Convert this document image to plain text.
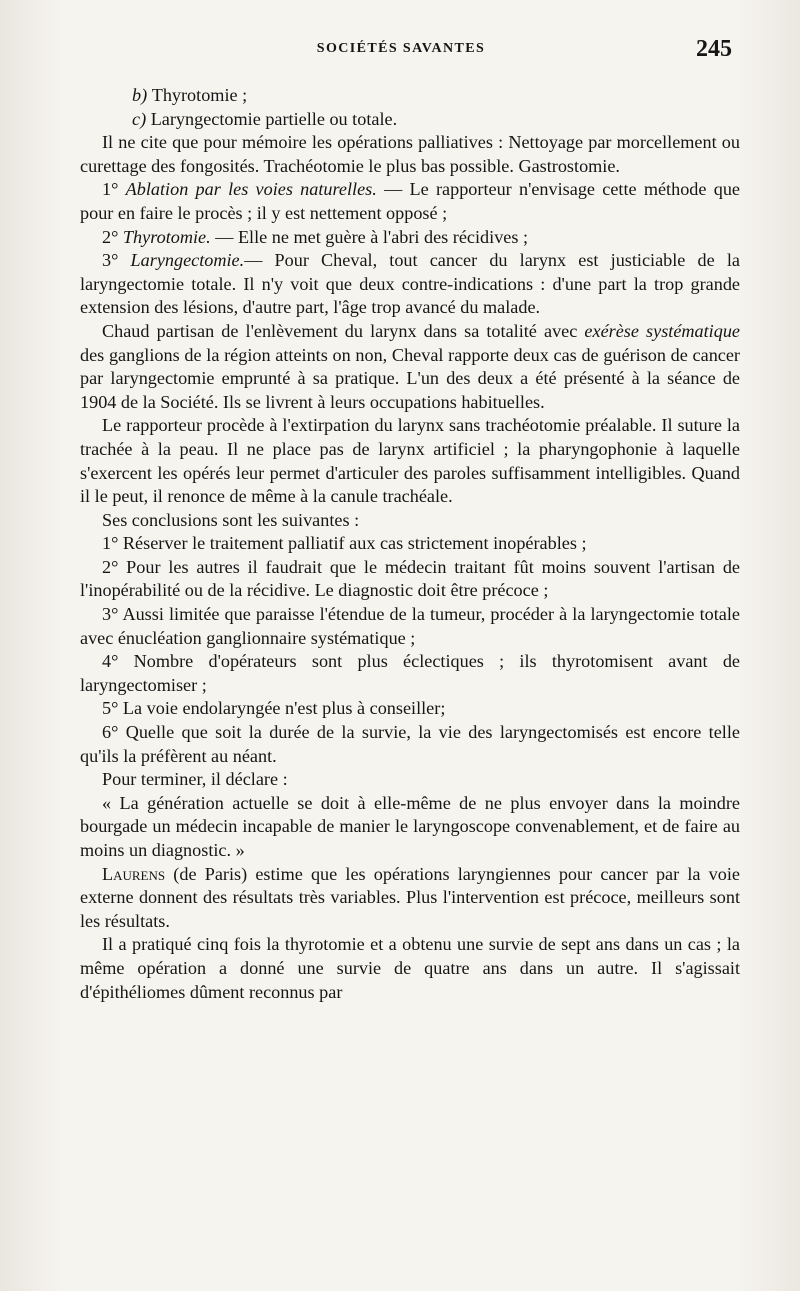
SOCIÉTÉS SAVANTES	245

b) Thyrotomie ;

c) Laryngectomie partielle ou totale.

Il ne cite que pour mémoire les opérations palliatives : Nettoyage par morcellement ou curettage des fongosités. Trachéotomie le plus bas possible. Gastrostomie.

1° Ablation par les voies naturelles. — Le rapporteur n'envisage cette méthode que pour en faire le procès ; il y est nettement opposé ;

2° Thyrotomie. — Elle ne met guère à l'abri des récidives ;

3° Laryngectomie.— Pour Cheval, tout cancer du larynx est justiciable de la laryngectomie totale. Il n'y voit que deux contre-indications : d'une part la trop grande extension des lésions, d'autre part, l'âge trop avancé du malade.

Chaud partisan de l'enlèvement du larynx dans sa totalité avec exérèse systématique des ganglions de la région atteints on non, Cheval rapporte deux cas de guérison de cancer par laryngectomie emprunté à sa pratique. L'un des deux a été présenté à la séance de 1904 de la Société. Ils se livrent à leurs occupations habituelles.

Le rapporteur procède à l'extirpation du larynx sans trachéotomie préalable. Il suture la trachée à la peau. Il ne place pas de larynx artificiel ; la pharyngophonie à laquelle s'exercent les opérés leur permet d'articuler des paroles suffisamment intelligibles. Quand il le peut, il renonce de même à la canule trachéale.

Ses conclusions sont les suivantes :

1° Réserver le traitement palliatif aux cas strictement inopérables ;

2° Pour les autres il faudrait que le médecin traitant fût moins souvent l'artisan de l'inopérabilité ou de la récidive. Le diagnostic doit être précoce ;

3° Aussi limitée que paraisse l'étendue de la tumeur, procéder à la laryngectomie totale avec énucléation ganglionnaire systématique ;

4° Nombre d'opérateurs sont plus éclectiques ; ils thyrotomisent avant de laryngectomiser ;

5° La voie endolaryngée n'est plus à conseiller;

6° Quelle que soit la durée de la survie, la vie des laryngectomisés est encore telle qu'ils la préfèrent au néant.

Pour terminer, il déclare :

« La génération actuelle se doit à elle-même de ne plus envoyer dans la moindre bourgade un médecin incapable de manier le laryngoscope convenablement, et de faire au moins un diagnostic. »

Laurens (de Paris) estime que les opérations laryngiennes pour cancer par la voie externe donnent des résultats très variables. Plus l'intervention est précoce, meilleurs sont les résultats.

Il a pratiqué cinq fois la thyrotomie et a obtenu une survie de sept ans dans un cas ; la même opération a donné une survie de quatre ans dans un autre. Il s'agissait d'épithéliomes dûment reconnus par
